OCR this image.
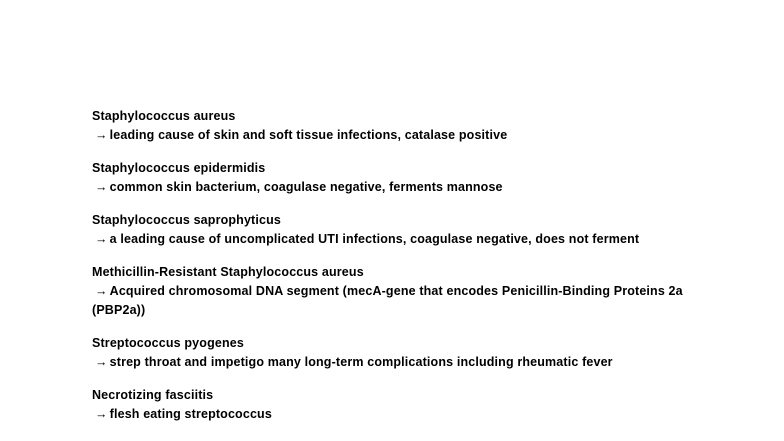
Staphylococcus aureus
→ leading cause of skin and soft tissue infections, catalase positive
Staphylococcus epidermidis
→ common skin bacterium, coagulase negative, ferments mannose
Staphylococcus saprophyticus
→ a leading cause of uncomplicated UTI infections, coagulase negative, does not ferment
Methicillin-Resistant Staphylococcus aureus
→ Acquired chromosomal DNA segment (mecA-gene that encodes Penicillin-Binding Proteins 2a (PBP2a))
Streptococcus pyogenes
→ strep throat and impetigo many long-term complications including rheumatic fever
Necrotizing fasciitis
→ flesh eating streptococcus
